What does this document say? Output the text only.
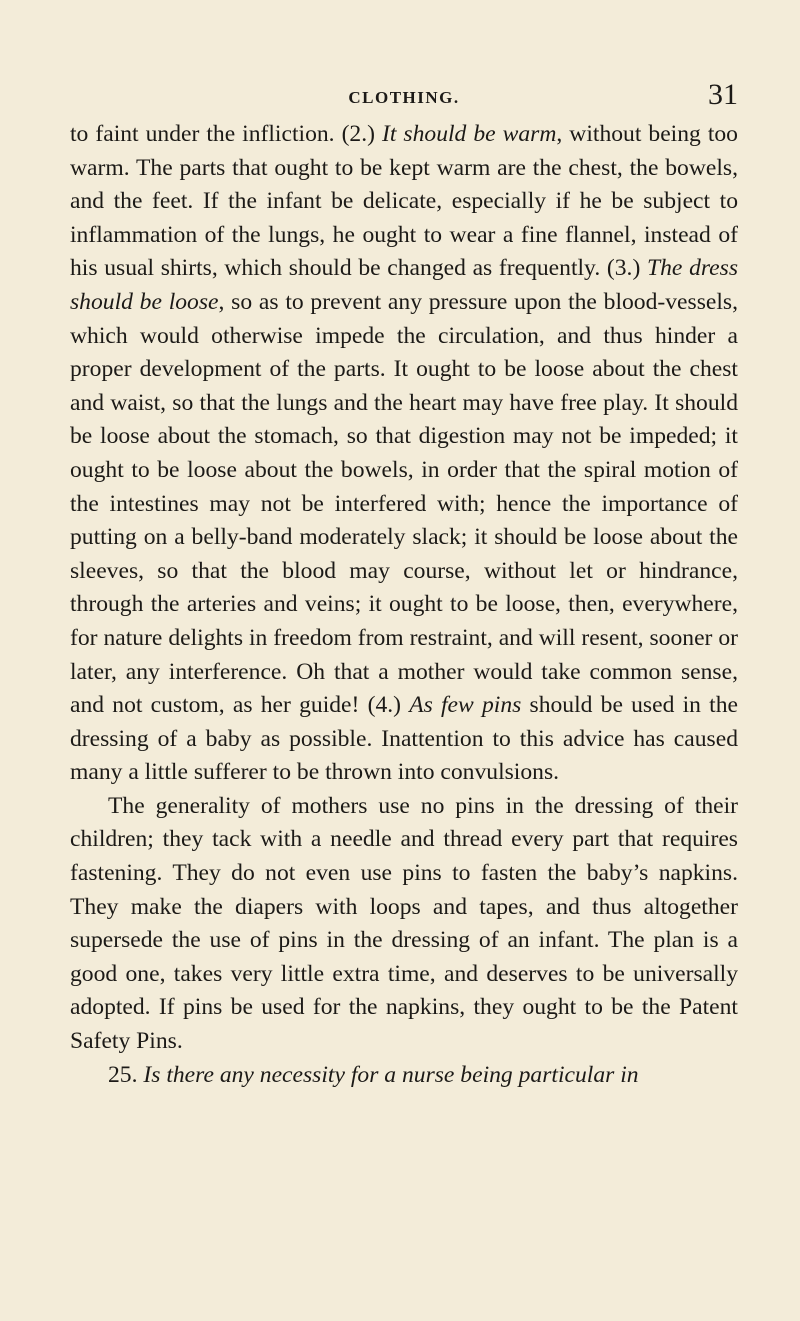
CLOTHING.	31

to faint under the infliction. (2.) It should be warm, without being too warm. The parts that ought to be kept warm are the chest, the bowels, and the feet. If the infant be delicate, especially if he be subject to inflammation of the lungs, he ought to wear a fine flannel, instead of his usual shirts, which should be changed as frequently. (3.) The dress should be loose, so as to prevent any pressure upon the blood-vessels, which would otherwise impede the circulation, and thus hinder a proper development of the parts. It ought to be loose about the chest and waist, so that the lungs and the heart may have free play. It should be loose about the stomach, so that digestion may not be impeded; it ought to be loose about the bowels, in order that the spiral motion of the intestines may not be interfered with; hence the importance of putting on a belly-band moderately slack; it should be loose about the sleeves, so that the blood may course, without let or hindrance, through the arteries and veins; it ought to be loose, then, everywhere, for nature delights in freedom from restraint, and will resent, sooner or later, any interference. Oh that a mother would take common sense, and not custom, as her guide! (4.) As few pins should be used in the dressing of a baby as possible. Inattention to this advice has caused many a little sufferer to be thrown into convulsions.

The generality of mothers use no pins in the dressing of their children; they tack with a needle and thread every part that requires fastening. They do not even use pins to fasten the baby’s napkins. They make the diapers with loops and tapes, and thus altogether supersede the use of pins in the dressing of an infant. The plan is a good one, takes very little extra time, and deserves to be universally adopted. If pins be used for the napkins, they ought to be the Patent Safety Pins.

25. Is there any necessity for a nurse being particular in
